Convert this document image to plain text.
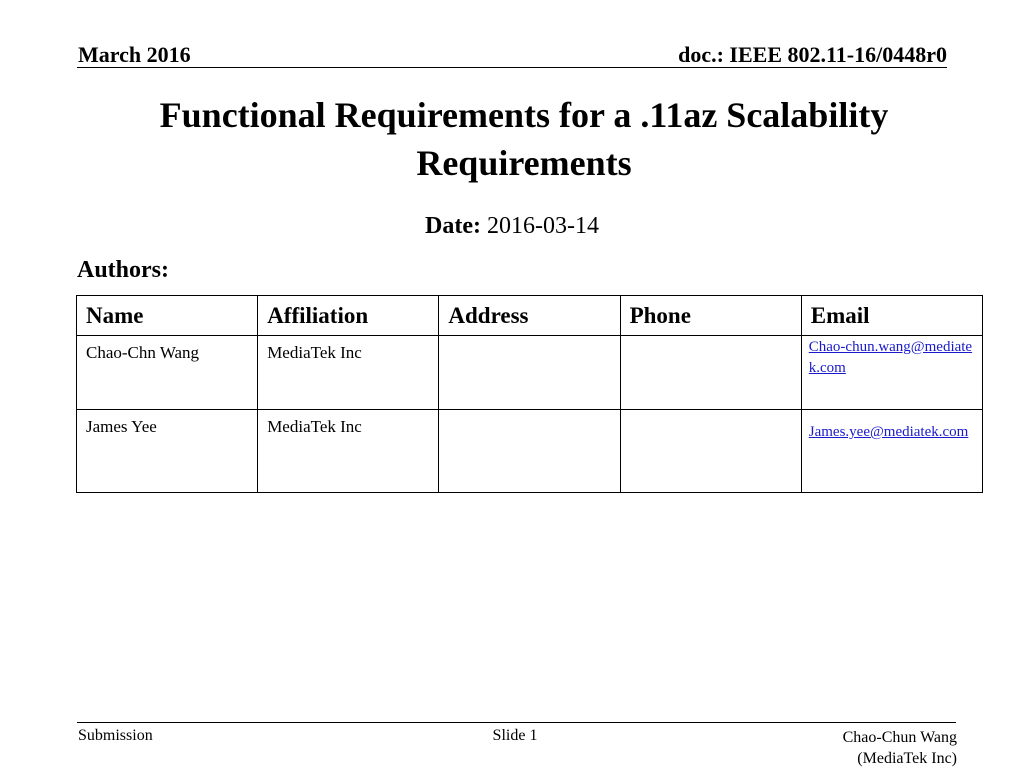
March 2016	doc.: IEEE 802.11-16/0448r0
Functional Requirements for a .11az Scalability Requirements
Date: 2016-03-14
Authors:
Name	Affiliation	Address	Phone	Email
Chao-Chn Wang	MediaTek Inc			Chao-chun.wang@mediatek.com
James Yee	MediaTek Inc			James.yee@mediatek.com
Submission	Slide 1	Chao-Chun Wang
(MediaTek Inc)
